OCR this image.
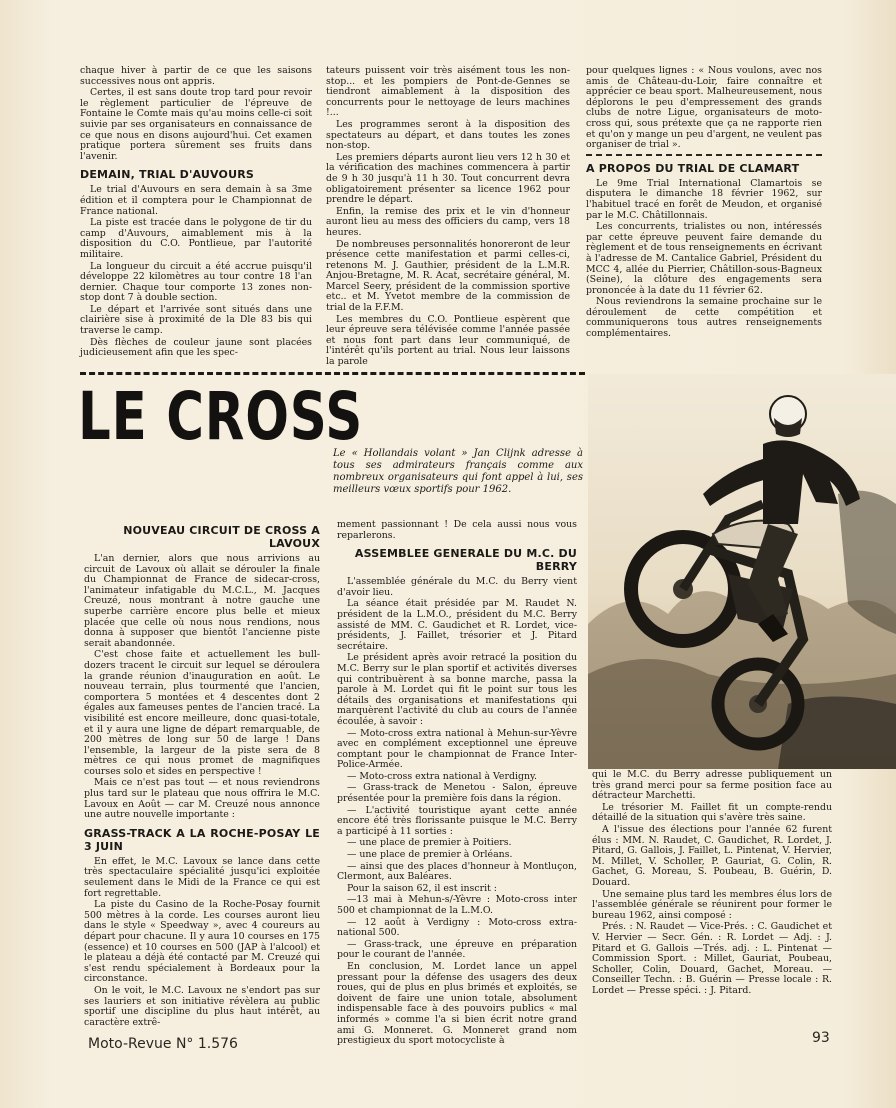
chaque hiver à partir de ce que les saisons successives nous ont appris.

Certes, il est sans doute trop tard pour revoir le règlement particulier de l'épreuve de Fontaine le Comte mais qu'au moins celle-ci soit suivie par ses organisateurs en connaissance de ce que nous en disons aujourd'hui. Cet examen pratique portera sûrement ses fruits dans l'avenir.

DEMAIN, TRIAL D'AUVOURS

Le trial d'Auvours en sera demain à sa 3me édition et il comptera pour le Championnat de France national.

La piste est tracée dans le polygone de tir du camp d'Auvours, aimablement mis à la disposition du C.O. Pontlieue, par l'autorité militaire.

La longueur du circuit a été accrue puisqu'il développe 22 kilomètres au tour contre 18 l'an dernier. Chaque tour comporte 13 zones non-stop dont 7 à double section.

Le départ et l'arrivée sont situés dans une clairière sise à proximité de la Dle 83 bis qui traverse le camp.

Dès flèches de couleur jaune sont placées judicieusement afin que les spec-

tateurs puissent voir très aisément tous les non-stop... et les pompiers de Pont-de-Gennes se tiendront aimablement à la disposition des concurrents pour le nettoyage de leurs machines !...

Les programmes seront à la disposition des spectateurs au départ, et dans toutes les zones non-stop.

Les premiers départs auront lieu vers 12 h 30 et la vérification des machines commencera à partir de 9 h 30 jusqu'à 11 h 30. Tout concurrent devra obligatoirement présenter sa licence 1962 pour prendre le départ.

Enfin, la remise des prix et le vin d'honneur auront lieu au mess des officiers du camp, vers 18 heures.

De nombreuses personnalités honoreront de leur présence cette manifestation et parmi celles-ci, retenons M. J. Gauthier, président de la L.M.R. Anjou-Bretagne, M. R. Acat, secrétaire général, M. Marcel Seery, président de la commission sportive etc.. et M. Yvetot membre de la commission de trial de la F.F.M.

Les membres du C.O. Pontlieue espèrent que leur épreuve sera télévisée comme l'année passée et nous font part dans leur communiqué, de l'intérêt qu'ils portent au trial. Nous leur laissons la parole

pour quelques lignes : « Nous voulons, avec nos amis de Château-du-Loir, faire connaître et apprécier ce beau sport. Malheureusement, nous déplorons le peu d'empressement des grands clubs de notre Ligue, organisateurs de moto-cross qui, sous prétexte que ça ne rapporte rien et qu'on y mange un peu d'argent, ne veulent pas organiser de trial ».

A PROPOS DU TRIAL DE CLAMART

Le 9me Trial International Clamartois se disputera le dimanche 18 février 1962, sur l'habituel tracé en forêt de Meudon, et organisé par le M.C. Châtillonnais.

Les concurrents, trialistes ou non, intéressés par cette épreuve peuvent faire demande du règlement et de tous renseignements en écrivant à l'adresse de M. Cantalice Gabriel, Président du MCC 4, allée du Pierrier, Châtillon-sous-Bagneux (Seine), la clôture des engagements sera prononcée à la date du 11 février 62.

Nous reviendrons la semaine prochaine sur le déroulement de cette compétition et communiquerons tous autres renseignements complémentaires.

LE CROSS
Le « Hollandais volant » Jan Clijnk adresse à tous ses admirateurs français comme aux nombreux organisateurs qui font appel à lui, ses meilleurs vœux sportifs pour 1962.
NOUVEAU CIRCUIT DE CROSS A LAVOUX

L'an dernier, alors que nous arrivions au circuit de Lavoux où allait se dérouler la finale du Championnat de France de sidecar-cross, l'animateur infatigable du M.C.L., M. Jacques Creuzé, nous montrant à notre gauche une superbe carrière encore plus belle et mieux placée que celle où nous nous rendions, nous donna à supposer que bientôt l'ancienne piste serait abandonnée.

C'est chose faite et actuellement les bull-dozers tracent le circuit sur lequel se déroulera la grande réunion d'inauguration en août. Le nouveau terrain, plus tourmenté que l'ancien, comportera 5 montées et 4 descentes dont 2 égales aux fameuses pentes de l'ancien tracé. La visibilité est encore meilleure, donc quasi-totale, et il y aura une ligne de départ remarquable, de 200 mètres de long sur 50 de large ! Dans l'ensemble, la largeur de la piste sera de 8 mètres ce qui nous promet de magnifiques courses solo et sides en perspective !

Mais ce n'est pas tout — et nous reviendrons plus tard sur le plateau que nous offrira le M.C. Lavoux en Août — car M. Creuzé nous annonce une autre nouvelle importante :

GRASS-TRACK A LA ROCHE-POSAY LE 3 JUIN

En effet, le M.C. Lavoux se lance dans cette très spectaculaire spécialité jusqu'ici exploitée seulement dans le Midi de la France ce qui est fort regrettable.

La piste du Casino de la Roche-Posay fournit 500 mètres à la corde. Les courses auront lieu dans le style « Speedway », avec 4 coureurs au départ pour chacune. Il y aura 10 courses en 175 (essence) et 10 courses en 500 (JAP à l'alcool) et le plateau a déjà été contacté par M. Creuzé qui s'est rendu spécialement à Bordeaux pour la circonstance.

On le voit, le M.C. Lavoux ne s'endort pas sur ses lauriers et son initiative révèlera au public sportif une discipline du plus haut intérêt, au caractère extrê-

mement passionnant ! De cela aussi nous vous reparlerons.

ASSEMBLEE GENERALE DU M.C. DU BERRY

L'assemblée générale du M.C. du Berry vient d'avoir lieu.

La séance était présidée par M. Raudet N. président de la L.M.O., président du M.C. Berry assisté de MM. C. Gaudichet et R. Lordet, vice-présidents, J. Faillet, trésorier et J. Pitard secrétaire.

Le président après avoir retracé la position du M.C. Berry sur le plan sportif et activités diverses qui contribuèrent à sa bonne marche, passa la parole à M. Lordet qui fit le point sur tous les détails des organisations et manifestations qui marquèrent l'activité du club au cours de l'année écoulée, à savoir :

— Moto-cross extra national à Mehun-sur-Yèvre avec en complément exceptionnel une épreuve comptant pour le championnat de France Inter-Police-Armée.

— Moto-cross extra national à Verdigny.

— Grass-track de Menetou - Salon, épreuve présentée pour la première fois dans la région.

— L'activité touristique ayant cette année encore été très florissante puisque le M.C. Berry a participé à 11 sorties :

— une place de premier à Poitiers.

— une place de premier à Orléans.

— ainsi que des places d'honneur à Montluçon, Clermont, aux Baléares.

Pour la saison 62, il est inscrit :

—13 mai à Mehun-s/-Yèvre : Moto-cross inter 500 et championnat de la L.M.O.

— 12 août à Verdigny : Moto-cross extra-national 500.

— Grass-track, une épreuve en préparation pour le courant de l'année.

En conclusion, M. Lordet lance un appel pressant pour la défense des usagers des deux roues, qui de plus en plus brimés et exploités, se doivent de faire une union totale, absolument indispensable face à des pouvoirs publics « mal informés » comme l'a si bien écrit notre grand ami G. Monneret. G. Monneret grand nom prestigieux du sport motocycliste à

qui le M.C. du Berry adresse publiquement un très grand merci pour sa ferme position face au détracteur Marchetti.

Le trésorier M. Faillet fit un compte-rendu détaillé de la situation qui s'avère très saine.

A l'issue des élections pour l'année 62 furent élus : MM. N. Raudet, C. Gaudichet, R. Lordet, J. Pitard, G. Gallois, J. Faillet, L. Pintenat, V. Hervier, M. Millet, V. Scholler, P. Gauriat, G. Colin, R. Gachet, G. Moreau, S. Poubeau, B. Guérin, D. Douard.

Une semaine plus tard les membres élus lors de l'assemblée générale se réunirent pour former le bureau 1962, ainsi composé :

Prés. : N. Raudet — Vice-Prés. : C. Gaudichet et V. Hervier — Secr. Gén. : R. Lordet — Adj. : J. Pitard et G. Gallois —Trés. adj. : L. Pintenat — Commission Sport. : Millet, Gauriat, Poubeau, Scholler, Colin, Douard, Gachet, Moreau. — Conseiller Techn. : B. Guérin — Presse locale : R. Lordet — Presse spéci. : J. Pitard.

Moto-Revue N° 1.576	93
